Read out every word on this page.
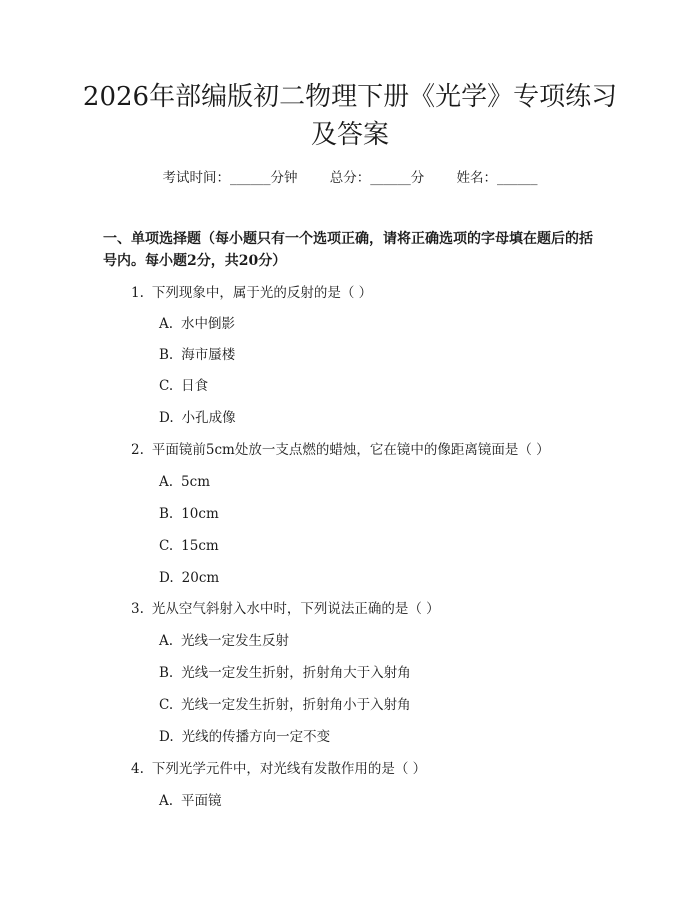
2026年部编版初二物理下册《光学》专项练习及答案
考试时间：______分钟 总分：______分 姓名：______
一、单项选择题（每小题只有一个选项正确，请将正确选项的字母填在题后的括号内。每小题2分，共20分）
1. 下列现象中，属于光的反射的是（ ）
A. 水中倒影
B. 海市蜃楼
C. 日食
D. 小孔成像
2. 平面镜前5cm处放一支点燃的蜡烛，它在镜中的像距离镜面是（ ）
A. 5cm
B. 10cm
C. 15cm
D. 20cm
3. 光从空气斜射入水中时，下列说法正确的是（ ）
A. 光线一定发生反射
B. 光线一定发生折射，折射角大于入射角
C. 光线一定发生折射，折射角小于入射角
D. 光线的传播方向一定不变
4. 下列光学元件中，对光线有发散作用的是（ ）
A. 平面镜
